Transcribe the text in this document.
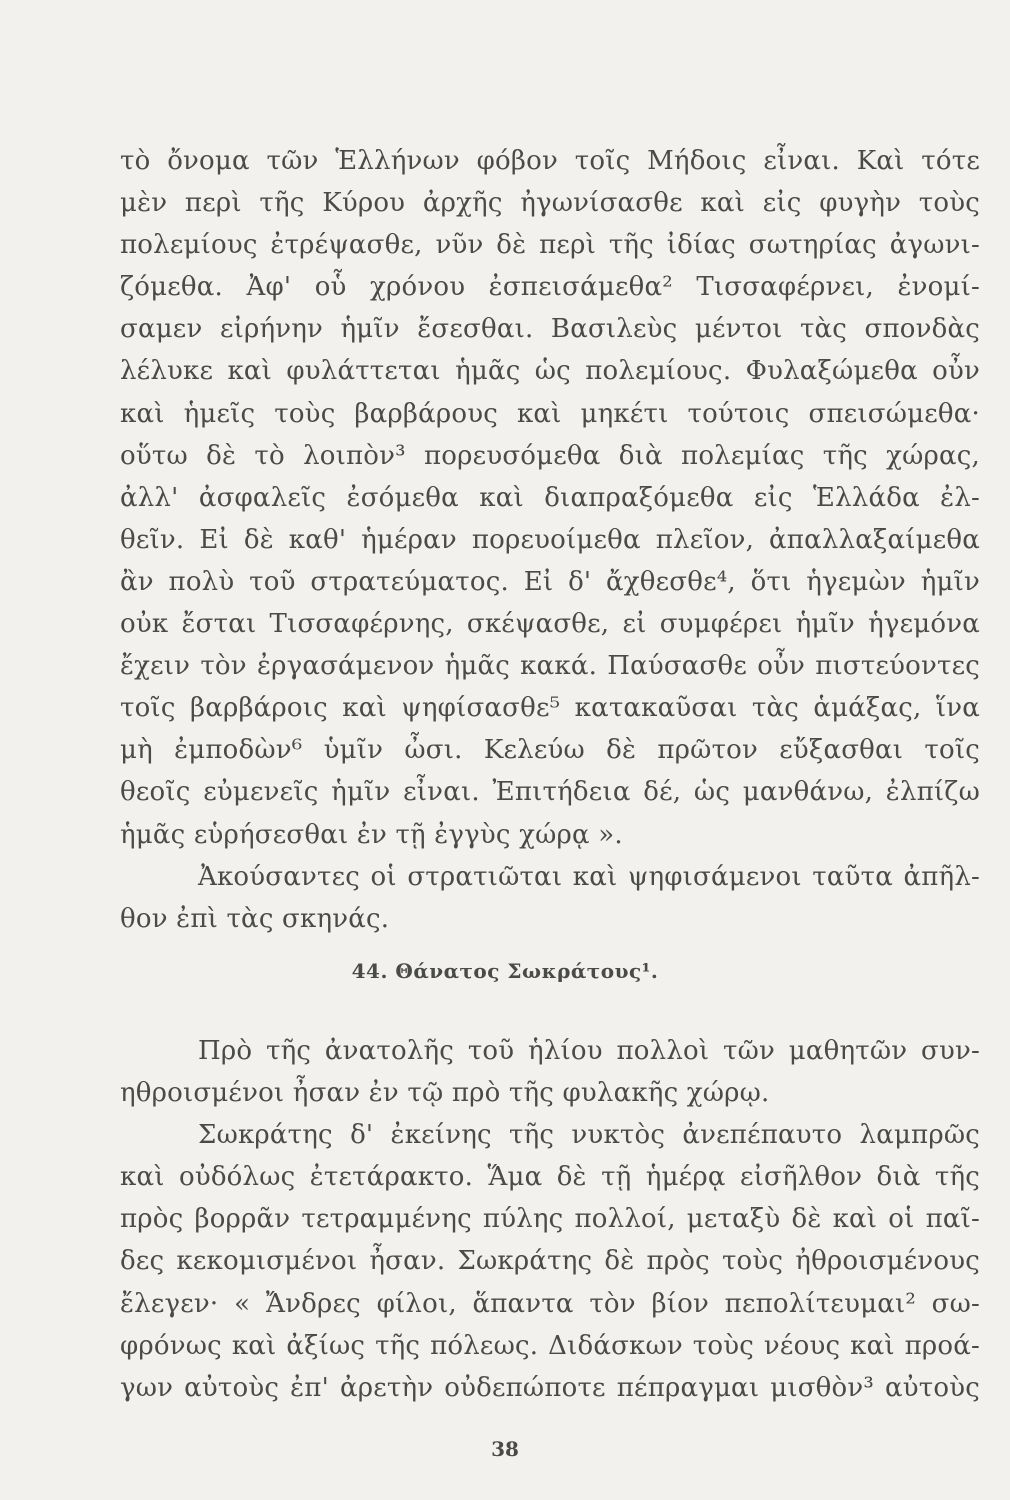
τὸ ὄνομα τῶν Ἑλλήνων φόβον τοῖς Μήδοις εἶναι. Καὶ τότε
μὲν περὶ τῆς Κύρου ἀρχῆς ἠγωνίσασθε καὶ εἰς φυγὴν τοὺς
πολεμίους ἐτρέψασθε, νῦν δὲ περὶ τῆς ἰδίας σωτηρίας ἀγωνι-
ζόμεθα. Ἀφ' οὗ χρόνου ἐσπεισάμεθα² Τισσαφέρνει, ἐνομί-
σαμεν εἰρήνην ἡμῖν ἔσεσθαι. Βασιλεὺς μέντοι τὰς σπονδὰς
λέλυκε καὶ φυλάττεται ἡμᾶς ὡς πολεμίους. Φυλαξώμεθα οὖν
καὶ ἡμεῖς τοὺς βαρβάρους καὶ μηκέτι τούτοις σπεισώμεθα·
οὕτω δὲ τὸ λοιπὸν³ πορευσόμεθα διὰ πολεμίας τῆς χώρας,
ἀλλ' ἀσφαλεῖς ἐσόμεθα καὶ διαπραξόμεθα εἰς Ἑλλάδα ἐλ-
θεῖν. Εἰ δὲ καθ' ἡμέραν πορευοίμεθα πλεῖον, ἀπαλλαξαίμεθα
ἂν πολὺ τοῦ στρατεύματος. Εἰ δ' ἄχθεσθε⁴, ὅτι ἡγεμὼν ἡμῖν
οὐκ ἔσται Τισσαφέρνης, σκέψασθε, εἰ συμφέρει ἡμῖν ἡγεμόνα
ἔχειν τὸν ἐργασάμενον ἡμᾶς κακά. Παύσασθε οὖν πιστεύοντες
τοῖς βαρβάροις καὶ ψηφίσασθε⁵ κατακαῦσαι τὰς ἁμάξας, ἵνα
μὴ ἐμποδὼν⁶ ὑμῖν ὦσι. Κελεύω δὲ πρῶτον εὔξασθαι τοῖς
θεοῖς εὐμενεῖς ἡμῖν εἶναι. Ἐπιτήδεια δέ, ὡς μανθάνω, ἐλπίζω
ἡμᾶς εὑρήσεσθαι ἐν τῇ ἐγγὺς χώρᾳ ».
Ἀκούσαντες οἱ στρατιῶται καὶ ψηφισάμενοι ταῦτα ἀπῆλ-
θον ἐπὶ τὰς σκηνάς.
44. Θάνατος Σωκράτους¹.
Πρὸ τῆς ἀνατολῆς τοῦ ἡλίου πολλοὶ τῶν μαθητῶν συν-
ηθροισμένοι ἦσαν ἐν τῷ πρὸ τῆς φυλακῆς χώρῳ.
Σωκράτης δ' ἐκείνης τῆς νυκτὸς ἀνεπέπαυτο λαμπρῶς
καὶ οὐδόλως ἐτετάρακτο. Ἅμα δὲ τῇ ἡμέρᾳ εἰσῆλθον διὰ τῆς
πρὸς βορρᾶν τετραμμένης πύλης πολλοί, μεταξὺ δὲ καὶ οἱ παῖ-
δες κεκομισμένοι ἦσαν. Σωκράτης δὲ πρὸς τοὺς ἠθροισμένους
ἔλεγεν· « Ἄνδρες φίλοι, ἅπαντα τὸν βίον πεπολίτευμαι² σω-
φρόνως καὶ ἀξίως τῆς πόλεως. Διδάσκων τοὺς νέους καὶ προά-
γων αὐτοὺς ἐπ' ἀρετὴν οὐδεπώποτε πέπραγμαι μισθὸν³ αὐτοὺς
38
